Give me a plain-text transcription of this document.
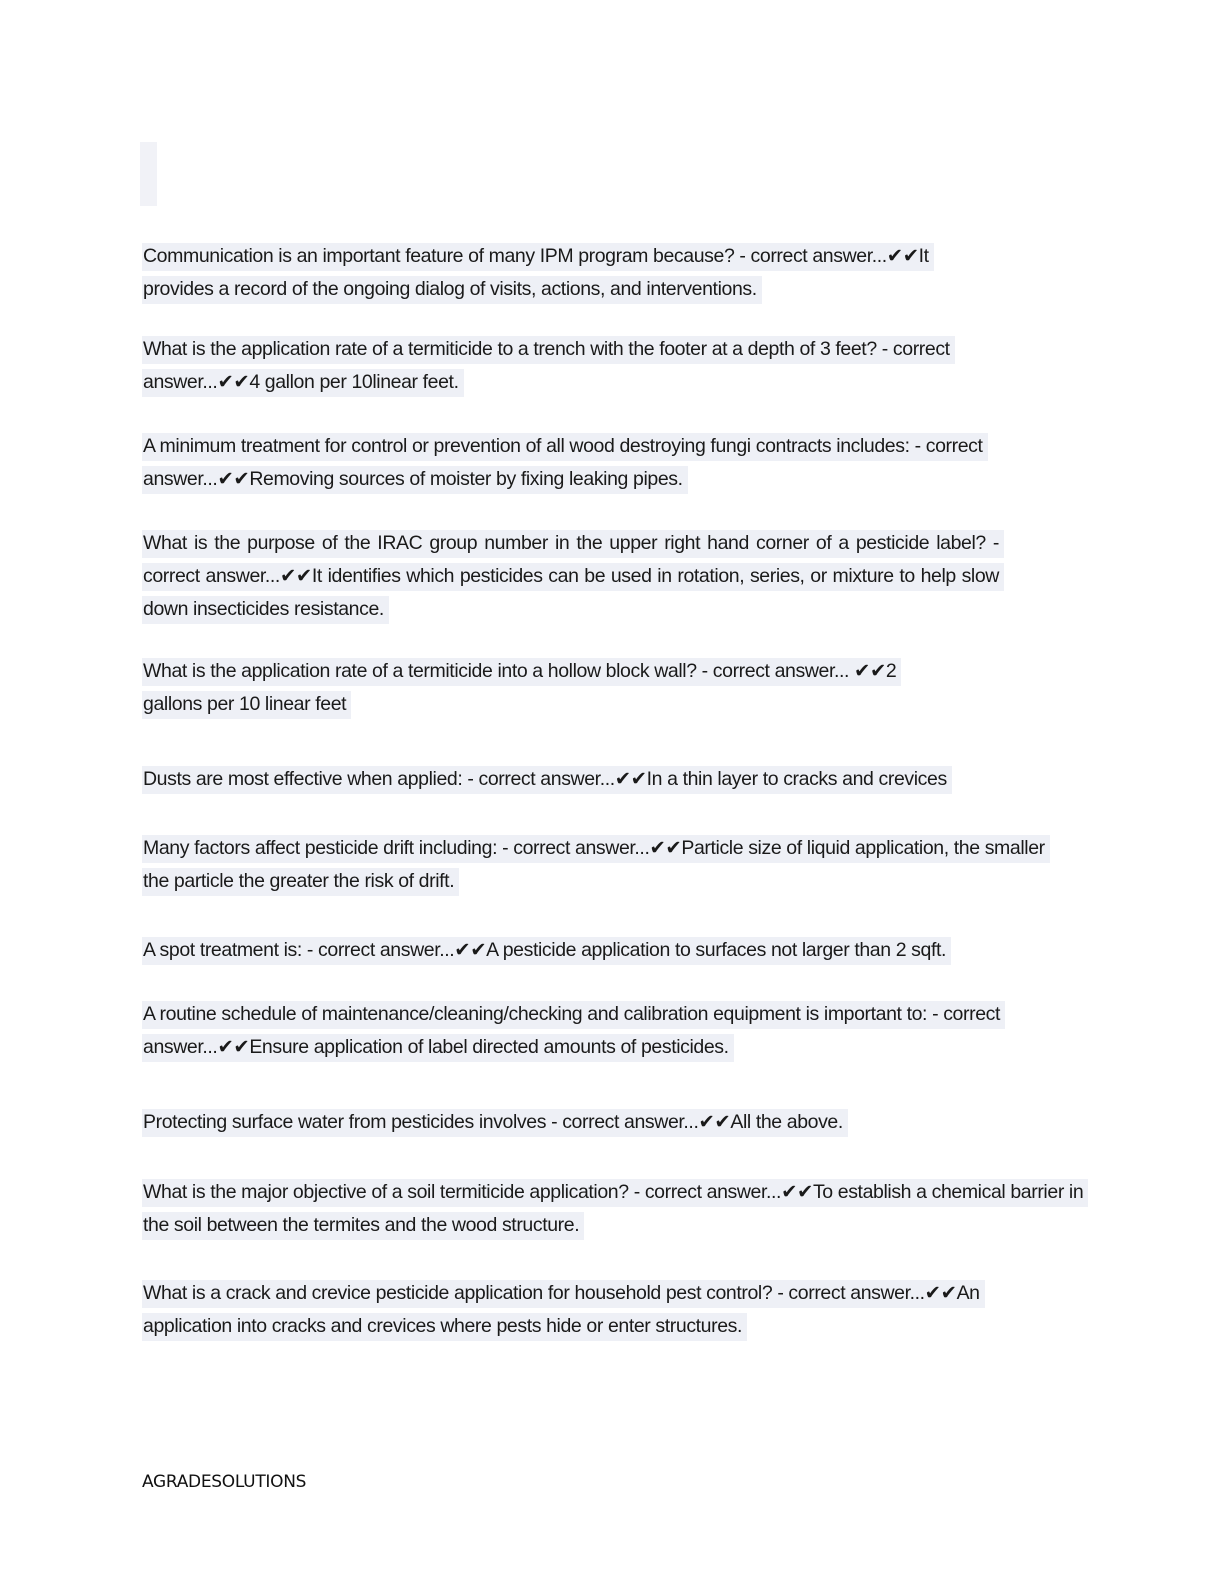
Communication is an important feature of many IPM program because? - correct answer...✔✔It provides a record of the ongoing dialog of visits, actions, and interventions.

What is the application rate of a termiticide to a trench with the footer at a depth of 3 feet? - correct answer...✔✔4 gallon per 10linear feet.

A minimum treatment for control or prevention of all wood destroying fungi contracts includes: - correct answer...✔✔Removing sources of moister by fixing leaking pipes.

What is the purpose of the IRAC group number in the upper right hand corner of a pesticide label? - correct answer...✔✔It identifies which pesticides can be used in rotation, series, or mixture to help slow down insecticides resistance.

What is the application rate of a termiticide into a hollow block wall? - correct answer... ✔✔2 gallons per 10 linear feet

Dusts are most effective when applied: - correct answer...✔✔In a thin layer to cracks and crevices

Many factors affect pesticide drift including: - correct answer...✔✔Particle size of liquid application, the smaller the particle the greater the risk of drift.

A spot treatment is: - correct answer...✔✔A pesticide application to surfaces not larger than 2 sqft.

A routine schedule of maintenance/cleaning/checking and calibration equipment is important to: - correct answer...✔✔Ensure application of label directed amounts of pesticides.

Protecting surface water from pesticides involves - correct answer...✔✔All the above.

What is the major objective of a soil termiticide application? - correct answer...✔✔To establish a chemical barrier in the soil between the termites and the wood structure.

What is a crack and crevice pesticide application for household pest control? - correct answer...✔✔An application into cracks and crevices where pests hide or enter structures.

AGRADESOLUTIONS
